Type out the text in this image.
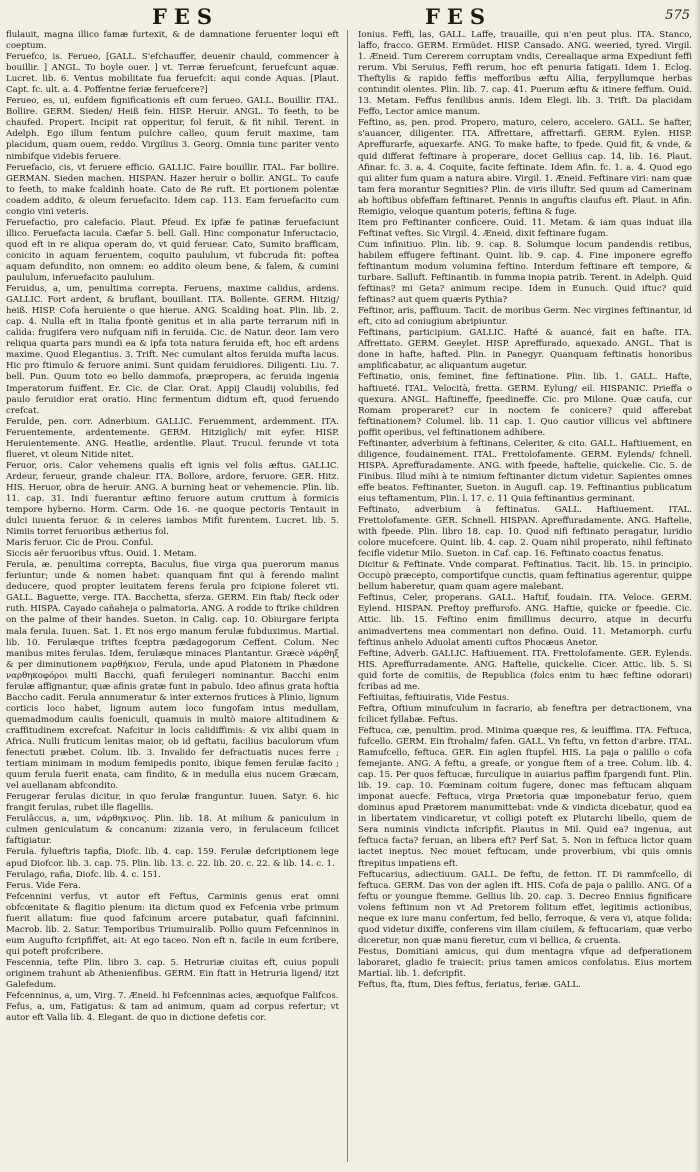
FES	FES	575

flulauit, magna illico famæ furtexit, & de damnatione feruenter loqui eft coeptum.

Feruefco, is. Ferueo, [GALL. S'efchauffer, deuenir chauld, commencer à bouillir. ] ANGL. To boyle ouer. ] vt. Terræ feruefcunt, feruefcunt aquæ. Lucret. lib. 6. Ventus mobilitate fua feruefcit: aqui conde Aquas. [Plaut. Capt. fc. ult. a. 4. Poffentne feriæ feruefcere?]

Ferueo, es, ui, eufdem fignificationis eft cum ferueo. GALL. Bouillir. ITAL. Bollire. GERM. Sieden/ Heiß fein. HISP. Heruir. ANGL. To feeth, to be chaufed. Propert. Incipit rat opperitur, fol feruit, & fit nihil. Terent. in Adelph. Ego illum fentum pulchre calleo, quum feruit maxime, tam placidum, quam ouem, reddo. Virgilius 3. Georg. Omnia tunc pariter vento nimbifque videbis feruere.

Feruefacio, cis, vt feruere efficio. GALLIC. Faire bouillir. ITAL. Far bollire. GERMAN. Sieden machen. HISPAN. Hazer heruir o bollir. ANGL. To caufe to feeth, to make fcaldinh hoate. Cato de Re ruft. Et portionem polentæ coadem addito, & oleum feruefacito. Idem cap. 113. Eam feruefacito cum congio vini veteris.

Feruefactio, pro calefacio. Plaut. Pfeud. Ex ipfæ fe patinæ feruefaciunt illico. Feruefacta iacula. Cæfar 5. bell. Gall. Hinc componatur Infeructacio, quod eft in re aliqua operam do, vt quid feruear. Cato, Sumito brafficam, conicito in aquam feruentem, coquito paululum, vt fubcruda fit: poftea aquam defundito, non omnem: eo addito oleum bene, & falem, & cumini paululum, inferuefacito paululum.

Feruidus, a, um, penultima correpta. Feruens, maxime calidus, ardens. GALLIC. Fort ardent, & bruflant, bouillant. ITA. Bollente. GERM. Hitzig/ heiß. HISP. Cofa heruiente o que hierue. ANG. Scalding hoat. Plin. lib. 2. cap. 4. Nulla eft in Italia fpontè genitus et in alia parte terrarum nifi in calida: frugifera vero nufquam nifi in feruida. Cic. de Natur. deor. Iam vero reliqua quarta pars mundi ea & ipfa tota natura feruida eft, hoc eft ardens maxime. Quod Elegantius. 3. Trift. Nec cumulant altos feruida mufta lacus. Hic pro ftimulo & feruore animi. Sunt quidam feruidiores. Diligenti. Liu. 7. bell. Pun. Quum toto eo bello dammofa, præpropera, ac feruida ingenia Imperatorum fuiffent. Er. Cic. de Clar. Orat. Appij Claudij volubilis, fed paulo feruidior erat oratio. Hinc fermentum didtum eft, quod feruendo crefcat.

Ferulde, pen. corr. Adnerbium. GALLIC. Feruemment, ardemment. ITA. Feruentemente, ardentemente. GERM. Hitziglich/ mit eyfer. HISP. Heruientemente. ANG. Heatlie, ardentlie. Plaut. Trucul. ferunde vt tota flueret, vt oleum Nitide nitet.

Feruor, oris. Calor vehemens qualis eft ignis vel folis æftus. GALLIC. Ardeur, ferueur, grande chaleur. ITA. Bollore, ardore, feruore. GER. Hitz. HIS. Heruor, obra de heruir. ANG. A burning heat or vehemencie. Plin. lib. 11. cap. 31. Indi fuerantur æftino feruore autum cruttum à formicis tempore hyberno. Horm. Carm. Ode 16. -ne quoque pectoris Tentauit in dulci iuuenta feruor. & in celeres iambos Mifit furentem. Lucret. lib. 5. Nimiis torret feruoribus ætherius fol.

Maris feruor. Cic de Prou. Conful.

Siccis aër feruoribus vftus. Ouid. 1. Metam.

Ferula, æ. penultima correpta, Baculus, fiue virga qua puerorum manus feriuntur; unde & nomen habet: quanquam fint qui à ferendo malint deducere, quod propter leuitatem ferens ferula pro fcipione foleret vti. GALL. Baguette, verge. ITA. Bacchetta, sferza. GERM. Ein ftab/ fteck oder ruth. HISPA. Cayado cañaheja o palmatoria. ANG. A rodde to ftrike children on the palme of their handes. Sueton. in Calig. cap. 10. Obiurgare feripta mala ferula. Iuuen. Sat. 1. Et nos ergo manum ferulæ fubduximus. Martial. lib. 10. Ferulæque triftes fceptra pædagogorum Ceffent. Colum. Nec manibus mites ferulas. Idem, ferulæque minaces Plantantur. Græcè νάρθηξ & per diminutionem ναρθήκιον, Ferula, unde apud Platonem in Phædone ναρθηκοφόροι multi Bacchi, quafi ferulegeri nominantur. Bacchi enim ferulæ affignantur, quæ afinis gratæ funt in pabulo. Ideo afinus grata hoftia Baccho cadit. Ferula annumeratur & inter externos frutices à Plinio, lignum corticis loco habet, lignum autem loco fungofam intus medullam, quemadmodum caulis foeniculi, quamuis in multò maiore altitudinem & craffitudinem excrefcat. Nafcitur in locis calidiffimis: & vix alibi quam in Africa. Nulli fruticum lenitas maior, ob id geftatu, facilius baculorum vfum fenectuti præbet. Colum. lib. 3. Invalido fer defractuatis nuces ferre ; tertiam minimam in modum femipedis ponito, ibique femen ferulæ facito ; quum ferula fuerit enata, cam findito, & in medulla eius nucem Græcam, vel auellanam abfcondito.

Ferugerar ferulas dicitur, in quo ferulæ franguntur. Iuuen. Satyr. 6. hic frangit ferulas, rubet ille flagellis.

Ferulâccus, a, um, νάρθηκινος. Plin. lib. 18. At milium & paniculum in culmen geniculatum & concanum: zizania vero, in ferulaceum fcilicet faftigiatur.

Ferula. fylueftris tapfia, Diofc. lib. 4. cap. 159. Ferulæ defcriptionem lege apud Diofcor. lib. 3. cap. 75. Plin. lib. 13. c. 22. lib. 20. c. 22. & lib. 14. c. 1.

Ferulago, rafia, Diofc. lib. 4. c. 151.

Ferus. Vide Fera.

Fefcennini verfus, vt autor eft Feftus, Carminis genus erat omni obfcœnitate & flagitio plenum: ita dictum quod ex Fefcenia vrbe primum fuerit allatum: fiue quod fafcinum arcere putabatur, quafi fafcinnini. Macrob. lib. 2. Satur. Temporibus Triumuiralib. Pollio quum Fefcenninos in eum Augufto fcripfiffet, ait: At ego taceo. Non eft n. facile in eum fcribere, qui poteft profcribere.

Fescennia, tefte Plin. libro 3. cap. 5. Hetruriæ ciuitas eft, cuius populi originem trahunt ab Athenienfibus. GERM. Ein ftatt in Hetruria ligend/ itzt Galefedum.

Fefcenninus, a, um, Virg. 7. Æneid. hi Fefcenninas acies, æquofque Falifcos.

Fefus, a, um, Fatigatus: & tam ad animum, quam ad corpus refertur; vt autor eft Valla lib. 4. Elegant. de quo in dictione defetis cor.

Ionius. Feffi, las, GALL. Laffe, trauaille, qui n'en peut plus. ITA. Stanco, laffo, fracco. GERM. Ermüdet. HISP. Cansado. ANG. weeried, tyred. Virgil. 1. Æneid. Tum Cererem corruptam vndis, Cerealiaque arma Expediunt feffi rerum. Vbi Seruius, Feffi rerum, hoc eft penuria fatigati. Idem 1. Eclog. Theftylis & rapido feffis mefforibus æftu Allia, ferpyllumque herbas contundit olentes. Plin. lib. 7. cap. 41. Puerum æftu & itinere feffum. Ouid. 13. Metam. Feffus fenilibus annis. Idem Elegi. lib. 3. Trift. Da placidam Feffo, Lector amice manum.

Feftino, as, pen. prod. Propero, maturo, celero, accelero. GALL. Se hafter, s'auancer, diligenter. ITA. Affrettare, affrettarfi. GERM. Eylen. HISP. Apreffurarfe, aquexarfe. ANG. To make hafte, to fpede. Quid fit, & vnde, & quid differat feftinare à properare, docet Gellius cap. 14, lib. 16. Plaut. Afinar. fc. 3. a. 4. Coquite, facite feftinate. Idem Afin. fc. 1. a. 4. Quod ego qui aliter fum quam a natura abire. Virgil. 1. Æneid. Feftinare viri: nam quæ tam fera morantur Segnities? Plin. de viris illuftr. Sed quum ad Camerinam ab hoftibus obfeffam feftinaret. Pennis in anguftis claufus eft. Plaut. in Afin. Remigio, veloque quantum poteris, feftina & fuge.

Item pro Feftinanter conficere. Ouid. 11. Metam. & iam quas induat illa Feftinat veftes. Sic Virgil. 4. Æneid. dixit feftinare fugam.

Cum infinitiuo. Plin. lib. 9. cap. 8. Solumque locum pandendis retibus, habilem effugere feftinant. Quint. lib. 9. cap. 4. Fine imponere egreffo feftinantum modum volumina feftino. Interdum feftinare eft tempore, & turbare. Salluft. Feftinantib. in fumma inopia patrib. Terent. in Adelph. Quid feftinas? mi Geta? animum recipe. Idem in Eunuch. Quid iftuc? quid feftinas? aut quem quæris Pythia?

Feftinor, aris, paffiuum. Tacit. de moribus Germ. Nec virgines feftinantur, id eft, cito ad coniugium abripiuntur.

Feftinans, participium. GALLIC. Hafté & auancé, fait en hafte. ITA. Affrettato. GERM. Geeylet. HISP. Apreffurado, aquexado. ANGL. That is done in hafte, hafted. Plin. in Panegyr. Quanquam feftinatis honoribus amplificabatur, ac aliquantum augetur.

Feftinatio, onis, feminet, fine feftinatione. Plin. lib. 1. GALL. Hafte, haftiueté. ITAL. Velocità, fretta. GERM. Eylung/ eil. HISPANIC. Prieffa o quexura. ANGL. Haftineffe, fpeedineffe. Cic. pro Milone. Quæ caufa, cur Romam properaret? cur in noctem fe conicere? quid afferebat feftinationem? Columel. lib. 11 cap. 1. Quo cautior villicus vel abftinere poffit operibus, vel feftinationem adhibere.

Feftinanter, adverbium à feftinans, Celeriter, & cito. GALL. Haftiuement, en diligence, foudainement. ITAL. Frettolofamente. GERM. Eylends/ fchnell. HISPA. Apreffuradamente. ANG. with fpeede, haftelie, quickelie. Cic. 5. de Finibus. Illud mihi à te nimium feftinanter dictum videtur. Sapientes omnes effe beatos. Feftinanter, Sueton. in Augufl. cap. 19. Feftinantius publicatum eius teftamentum, Plin. l. 17. c. 11 Quia feftinantius germinant.

Feftinato, adverbium à feftinatus. GALL. Haftiuement. ITAL. Frettolofamente. GER. Schnell. HISPAN. Apreffuradamente. ANG. Haftelie, with fpeede. Plin. libro 18. cap. 10. Quod nifi feftinato peragatur, luridio colore mucefcere. Quint. lib. 4. cap. 2. Quam nihil properato, nihil feftinato fecifle videtur Milo. Sueton. in Caf. cap. 16. Feftinato coactus fenatus.

Dicitur & Feftinate. Vnde comparat. Feftinatius. Tacit. lib. 15. in principio. Occupò præcepto, comportifque cunctis, quam feftinatius agerentur, quippe bellum haberetur, quam quam agere malebant.

Feftinus, Celer, properans. GALL. Haftif, foudain. ITA. Veloce. GERM. Eylend. HISPAN. Preftoy preffurofo. ANG. Haftie, quicke or fpeedie. Cic. Attic. lib. 15. Feftino enim fimillimus decurro, atque in decurfu animadvertens mea commentari non defino. Ouid. 11. Metamorph. curfu feftinus anhelo Aduolat amenti cuftos Phocæus Anetor.

Feftine, Adverb. GALLIC. Haftiuement. ITA. Frettolofamente. GER. Eylends. HIS. Apreffurradamente. ANG. Haftelie, quickelie. Cicer. Attic. lib. 5. Si quid forte de comitiis, de Republica (folcs enim tu hæc feftine odorari) fcribas ad me.

Feftiuitas, feftiuiratis, Vide Festus.

Feftra, Oftium minufculum in facrario, ab feneftra per detractionem, vna fcilicet fyllabæ. Feftus.

Feftuca, cæ, penultim. prod. Minima quæque res, & leuiffima. ITA. Feftuca, fufcello. GERM. Ein ftrohalm/ fafen. GALL. Vn feftu, vn fetton d'arbre. ITAL. Ramufcello, feftuca. GER. Ein aglen ftupfel. HIS. La paja o palillo o cofa femejante. ANG. A feftu, a greafe, or yongue ftem of a tree. Colum. lib. 4. cap. 15. Per quos feftucæ, furculique in auiarius paffim fpargendi funt. Plin. lib. 19. cap. 10. Fœminam coitum fugere, donec mas feftucam aliquam imponat auecfe. Feftuca, virga Prætoria quæ imponebatur feruo, quem dominus apud Prætorem manumittebat: vnde & vindicta dicebatur, quod ea in libertatem vindicaretur, vt colligi poteft ex Plutarchi libello, quem de Sera numinis vindicta infcripfit. Plautus in Mil. Quid ea? ingenua, aut feftuca facta? feruan, an libera eft? Perf Sat. 5. Non in feftuca lictor quam iactet ineptus. Nec mouet feftucam, unde proverbium, vbi quis omnis ftrepitus impatiens eft.

Feftucarius, adiectiuum. GALL. De feftu, de fetton. IT. Di rammfcello, di feftuca. GERM. Das von der aglen ift. HIS. Cofa de paja o palillo. ANG. Of a feftu or youngue ftemme. Gellius lib. 20. cap. 3. Decreo Ennius fignificare volens feftinum non vt Ad Pretorem folitum effet, legitimis actionibus, neque ex iure manu confertum, fed bello, ferroque, & vera vi, atque folida: quod videtur dixiffe, conferens vim illam ciuilem, & feftucariam, quæ verbo diceretur, non quæ manu fieretur, cum vi bellica, & cruenta.

Festus, Domitiani amicus, qui dum mentagra vfque ad defperationem laboraret, gladio fe traiecit: prius tamen amicos confolatus. Eius mortem Martial. lib. 1. defcripfit.

Feftus, fta, ftum, Dies feftus, feriatus, feriæ. GALL.
